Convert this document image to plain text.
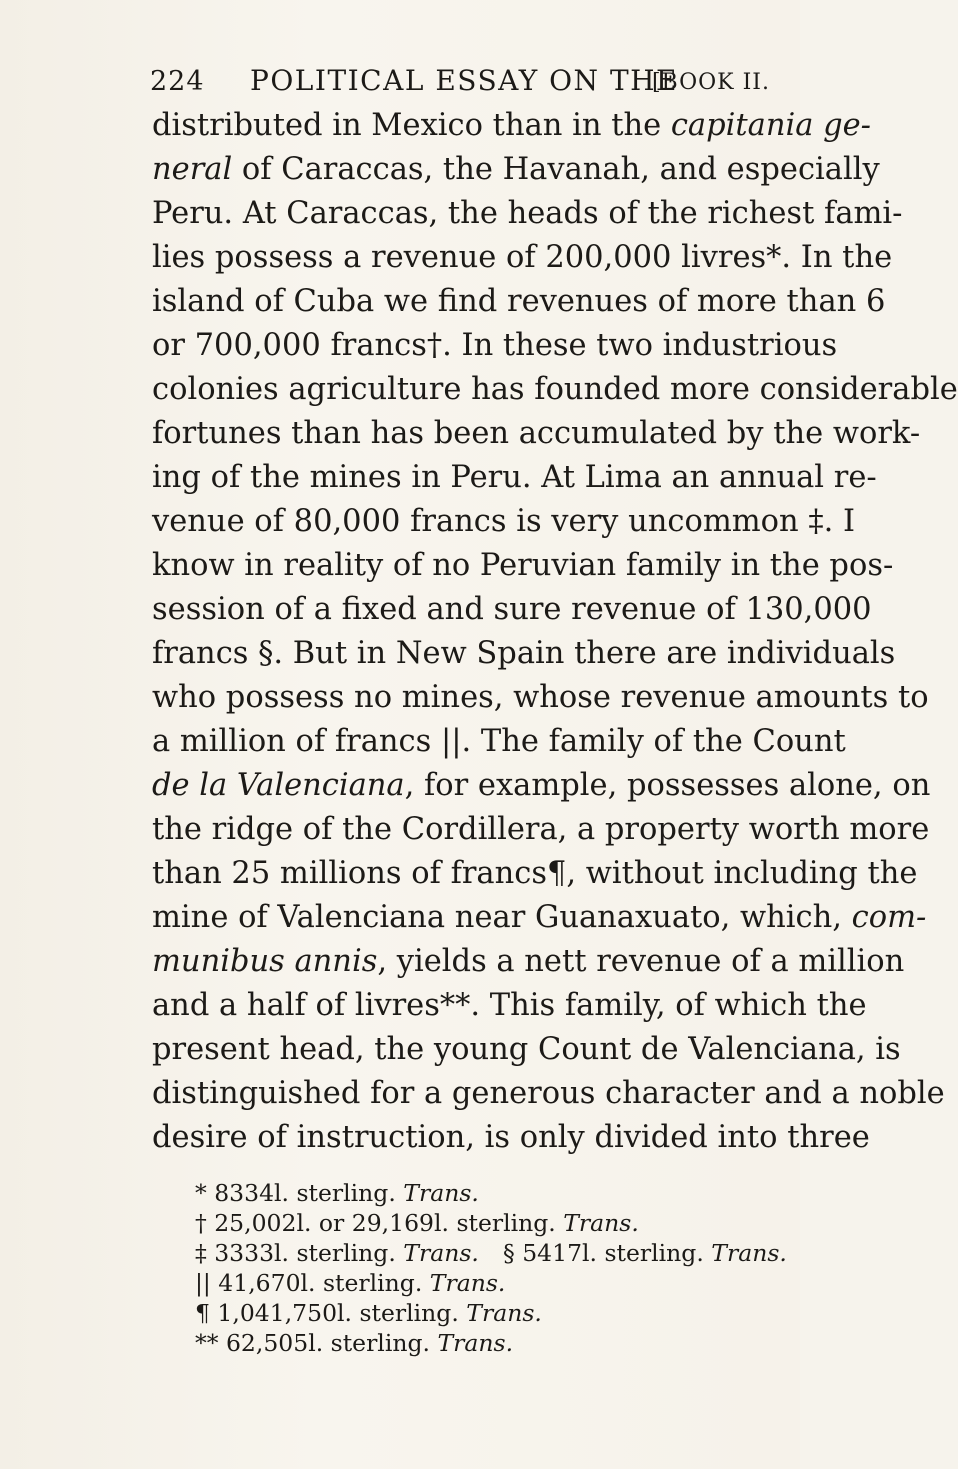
224 POLITICAL ESSAY ON THE
[BOOK II.
distributed in Mexico than in the capitania ge-
neral of Caraccas, the Havanah, and especially
Peru. At Caraccas, the heads of the richest fami-
lies possess a revenue of 200,000 livres*. In the
island of Cuba we find revenues of more than 6
or 700,000 francs†. In these two industrious
colonies agriculture has founded more considerable
fortunes than has been accumulated by the work-
ing of the mines in Peru. At Lima an annual re-
venue of 80,000 francs is very uncommon ‡. I
know in reality of no Peruvian family in the pos-
session of a fixed and sure revenue of 130,000
francs §. But in New Spain there are individuals
who possess no mines, whose revenue amounts to
a million of francs ||. The family of the Count
de la Valenciana, for example, possesses alone, on
the ridge of the Cordillera, a property worth more
than 25 millions of francs¶, without including the
mine of Valenciana near Guanaxuato, which, com-
munibus annis, yields a nett revenue of a million
and a half of livres**. This family, of which the
present head, the young Count de Valenciana, is
distinguished for a generous character and a noble
desire of instruction, is only divided into three
* 8334l. sterling. Trans.
† 25,002l. or 29,169l. sterling. Trans.
‡ 3333l. sterling. Trans. § 5417l. sterling. Trans.
|| 41,670l. sterling. Trans.
¶ 1,041,750l. sterling. Trans.
** 62,505l. sterling. Trans.
